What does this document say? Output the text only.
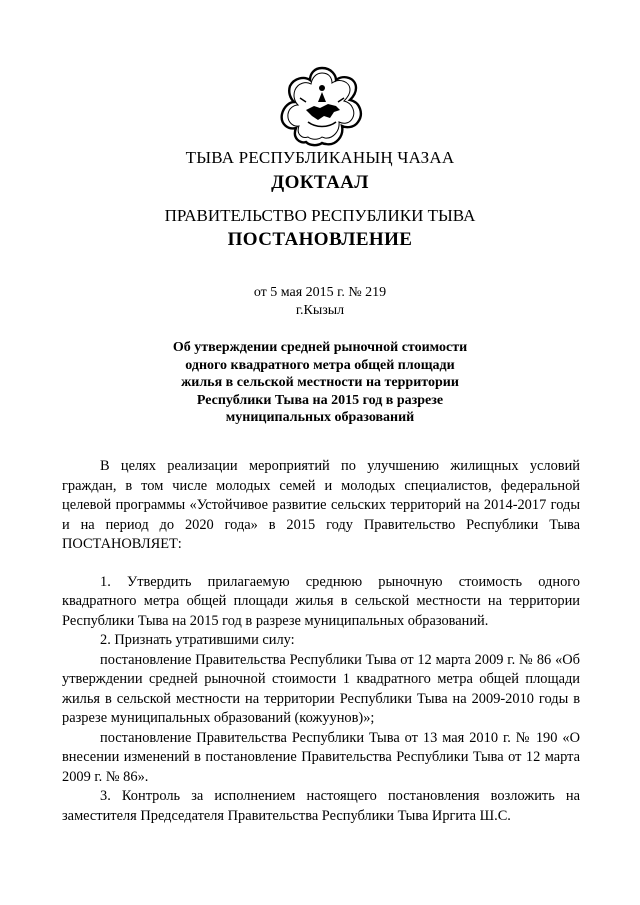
ТЫВА РЕСПУБЛИКАНЫҢ ЧАЗАА
ДОКТААЛ
ПРАВИТЕЛЬСТВО РЕСПУБЛИКИ ТЫВА
ПОСТАНОВЛЕНИЕ
от 5 мая 2015 г. № 219
г.Кызыл
Об утверждении средней рыночной стоимости
одного квадратного метра общей площади
жилья в сельской местности на территории
Республики Тыва на 2015 год в разрезе
муниципальных образований

В целях реализации мероприятий по улучшению жилищных условий граждан, в том числе молодых семей и молодых специалистов, федеральной целевой программы «Устойчивое развитие сельских территорий на 2014-2017 годы и на период до 2020 года» в 2015 году Правительство Республики Тыва ПОСТАНОВЛЯЕТ:

1. Утвердить прилагаемую среднюю рыночную стоимость одного квадратного метра общей площади жилья в сельской местности на территории Республики Тыва на 2015 год в разрезе муниципальных образований.

2. Признать утратившими силу:

постановление Правительства Республики Тыва от 12 марта 2009 г. № 86 «Об утверждении средней рыночной стоимости 1 квадратного метра общей площади жилья в сельской местности на территории Республики Тыва на 2009-2010 годы в разрезе муниципальных образований (кожуунов)»;

постановление Правительства Республики Тыва от 13 мая 2010 г. № 190 «О внесении изменений в постановление Правительства Республики Тыва от 12 марта 2009 г. № 86».

3. Контроль за исполнением настоящего постановления возложить на заместителя Председателя Правительства Республики Тыва Иргита Ш.С.
